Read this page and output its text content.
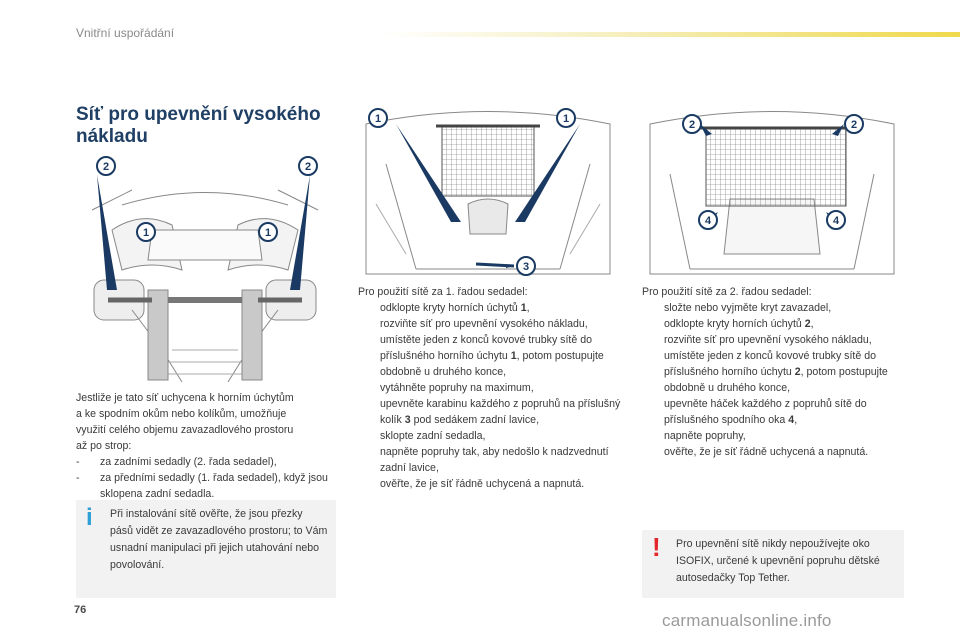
Vnitřní uspořádání
Síť pro upevnění vysokého nákladu
2	2
1	1
1	1
3
2	2
4	4

Jestliže je tato síť uchycena k horním úchytům

a ke spodním okům nebo kolíkům, umožňuje

využití celého objemu zavazadlového prostoru

až po strop:

- za zadními sedadly (2. řada sedadel),
- za předními sedadly (1. řada sedadel), když jsou sklopena zadní sedadla.
i Při instalování sítě ověřte, že jsou přezky pásů vidět ze zavazadlového prostoru; to Vám usnadní manipulaci při jejich utahování nebo povolování.

Pro použití sítě za 1. řadou sedadel:

odklopte kryty horních úchytů 1,
rozviňte síť pro upevnění vysokého nákladu,
umístěte jeden z konců kovové trubky sítě do příslušného horního úchytu 1, potom postupujte obdobně u druhého konce,
vytáhněte popruhy na maximum,
upevněte karabinu každého z popruhů na příslušný kolík 3 pod sedákem zadní lavice,
sklopte zadní sedadla,
napněte popruhy tak, aby nedošlo k nadzvednutí zadní lavice,
ověřte, že je síť řádně uchycená a napnutá.

Pro použití sítě za 2. řadou sedadel:

složte nebo vyjměte kryt zavazadel,
odklopte kryty horních úchytů 2,
rozviňte síť pro upevnění vysokého nákladu,
umístěte jeden z konců kovové trubky sítě do příslušného horního úchytu 2, potom postupujte obdobně u druhého konce,
upevněte háček každého z popruhů sítě do příslušného spodního oka 4,
napněte popruhy,
ověřte, že je síť řádně uchycená a napnutá.
! Pro upevnění sítě nikdy nepoužívejte oko ISOFIX, určené k upevnění popruhu dětské autosedačky Top Tether.
76
carmanualsonline.info
